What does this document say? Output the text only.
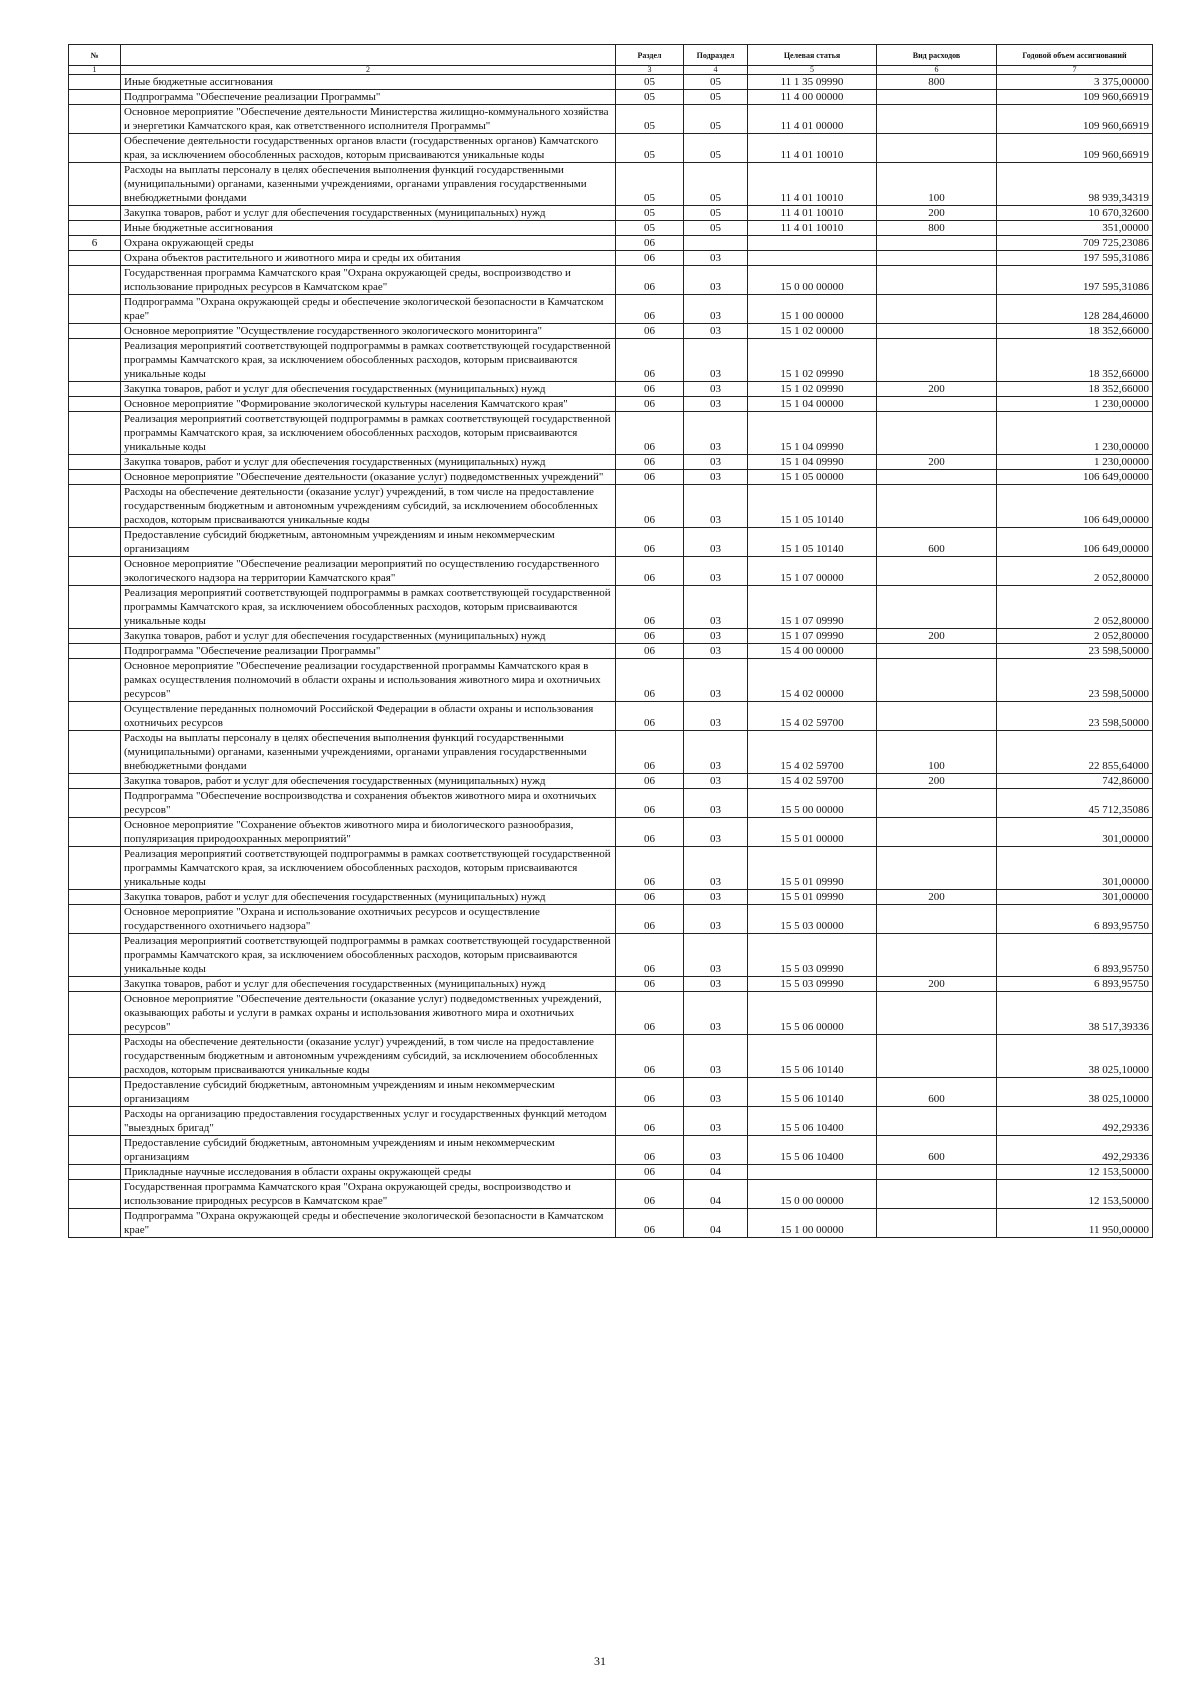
№		Раздел	Подраздел	Целевая статья	Вид расходов	Годовой объем ассигнований
1	2	3	4	5	6	7
	Иные бюджетные ассигнования	05	05	11 1 35 09990	800	3 375,00000
	Подпрограмма "Обеспечение реализации Программы"	05	05	11 4 00 00000		109 960,66919
	Основное мероприятие "Обеспечение деятельности Министерства жилищно-коммунального хозяйства и энергетики Камчатского края, как ответственного исполнителя Программы"	05	05	11 4 01 00000		109 960,66919
	Обеспечение деятельности государственных органов власти (государственных органов) Камчатского края, за исключением обособленных расходов, которым присваиваются уникальные коды	05	05	11 4 01 10010		109 960,66919
	Расходы на выплаты персоналу в целях обеспечения выполнения функций государственными (муниципальными) органами, казенными учреждениями, органами управления государственными внебюджетными фондами	05	05	11 4 01 10010	100	98 939,34319
	Закупка товаров, работ и услуг для обеспечения государственных (муниципальных) нужд	05	05	11 4 01 10010	200	10 670,32600
	Иные бюджетные ассигнования	05	05	11 4 01 10010	800	351,00000
6	Охрана окружающей среды	06				709 725,23086
	Охрана объектов растительного и животного мира и среды их обитания	06	03			197 595,31086
	Государственная программа Камчатского края "Охрана окружающей среды, воспроизводство и использование природных ресурсов в Камчатском крае"	06	03	15 0 00 00000		197 595,31086
	Подпрограмма "Охрана окружающей среды и обеспечение экологической безопасности в Камчатском крае"	06	03	15 1 00 00000		128 284,46000
	Основное мероприятие "Осуществление государственного экологического мониторинга"	06	03	15 1 02 00000		18 352,66000
	Реализация мероприятий соответствующей подпрограммы в рамках соответствующей государственной программы Камчатского края, за исключением обособленных расходов, которым присваиваются уникальные коды	06	03	15 1 02 09990		18 352,66000
	Закупка товаров, работ и услуг для обеспечения государственных (муниципальных) нужд	06	03	15 1 02 09990	200	18 352,66000
	Основное мероприятие "Формирование экологической культуры населения Камчатского края"	06	03	15 1 04 00000		1 230,00000
	Реализация мероприятий соответствующей подпрограммы в рамках соответствующей государственной программы Камчатского края, за исключением обособленных расходов, которым присваиваются уникальные коды	06	03	15 1 04 09990		1 230,00000
	Закупка товаров, работ и услуг для обеспечения государственных (муниципальных) нужд	06	03	15 1 04 09990	200	1 230,00000
	Основное мероприятие "Обеспечение деятельности (оказание услуг) подведомственных учреждений"	06	03	15 1 05 00000		106 649,00000
	Расходы на обеспечение деятельности (оказание услуг) учреждений, в том числе на предоставление государственным бюджетным и автономным учреждениям субсидий, за исключением обособленных расходов, которым присваиваются уникальные коды	06	03	15 1 05 10140		106 649,00000
	Предоставление субсидий бюджетным, автономным учреждениям и иным некоммерческим организациям	06	03	15 1 05 10140	600	106 649,00000
	Основное мероприятие "Обеспечение реализации мероприятий по осуществлению государственного экологического надзора на территории Камчатского края"	06	03	15 1 07 00000		2 052,80000
	Реализация мероприятий соответствующей подпрограммы в рамках соответствующей государственной программы Камчатского края, за исключением обособленных расходов, которым присваиваются уникальные коды	06	03	15 1 07 09990		2 052,80000
	Закупка товаров, работ и услуг для обеспечения государственных (муниципальных) нужд	06	03	15 1 07 09990	200	2 052,80000
	Подпрограмма "Обеспечение реализации Программы"	06	03	15 4 00 00000		23 598,50000
	Основное мероприятие "Обеспечение реализации государственной программы Камчатского края в рамках осуществления полномочий в области охраны и использования животного мира и охотничьих ресурсов"	06	03	15 4 02 00000		23 598,50000
	Осуществление переданных полномочий Российской Федерации в области охраны и использования охотничьих ресурсов	06	03	15 4 02 59700		23 598,50000
	Расходы на выплаты персоналу в целях обеспечения выполнения функций государственными (муниципальными) органами, казенными учреждениями, органами управления государственными внебюджетными фондами	06	03	15 4 02 59700	100	22 855,64000
	Закупка товаров, работ и услуг для обеспечения государственных (муниципальных) нужд	06	03	15 4 02 59700	200	742,86000
	Подпрограмма "Обеспечение воспроизводства и сохранения объектов животного мира и охотничьих ресурсов"	06	03	15 5 00 00000		45 712,35086
	Основное мероприятие "Сохранение объектов животного мира и биологического разнообразия, популяризация природоохранных мероприятий"	06	03	15 5 01 00000		301,00000
	Реализация мероприятий соответствующей подпрограммы в рамках соответствующей государственной программы Камчатского края, за исключением обособленных расходов, которым присваиваются уникальные коды	06	03	15 5 01 09990		301,00000
	Закупка товаров, работ и услуг для обеспечения государственных (муниципальных) нужд	06	03	15 5 01 09990	200	301,00000
	Основное мероприятие "Охрана и использование охотничьих ресурсов и осуществление государственного охотничьего надзора"	06	03	15 5 03 00000		6 893,95750
	Реализация мероприятий соответствующей подпрограммы в рамках соответствующей государственной программы Камчатского края, за исключением обособленных расходов, которым присваиваются уникальные коды	06	03	15 5 03 09990		6 893,95750
	Закупка товаров, работ и услуг для обеспечения государственных (муниципальных) нужд	06	03	15 5 03 09990	200	6 893,95750
	Основное мероприятие "Обеспечение деятельности (оказание услуг) подведомственных учреждений, оказывающих работы и услуги в рамках охраны и использования животного мира и охотничьих ресурсов"	06	03	15 5 06 00000		38 517,39336
	Расходы на обеспечение деятельности (оказание услуг) учреждений, в том числе на предоставление государственным бюджетным и автономным учреждениям субсидий, за исключением обособленных расходов, которым присваиваются уникальные коды	06	03	15 5 06 10140		38 025,10000
	Предоставление субсидий бюджетным, автономным учреждениям и иным некоммерческим организациям	06	03	15 5 06 10140	600	38 025,10000
	Расходы на организацию предоставления государственных услуг и государственных функций методом "выездных бригад"	06	03	15 5 06 10400		492,29336
	Предоставление субсидий бюджетным, автономным учреждениям и иным некоммерческим организациям	06	03	15 5 06 10400	600	492,29336
	Прикладные научные исследования в области охраны окружающей среды	06	04			12 153,50000
	Государственная программа Камчатского края "Охрана окружающей среды, воспроизводство и использование природных ресурсов в Камчатском крае"	06	04	15 0 00 00000		12 153,50000
	Подпрограмма "Охрана окружающей среды и обеспечение экологической безопасности в Камчатском крае"	06	04	15 1 00 00000		11 950,00000
31
